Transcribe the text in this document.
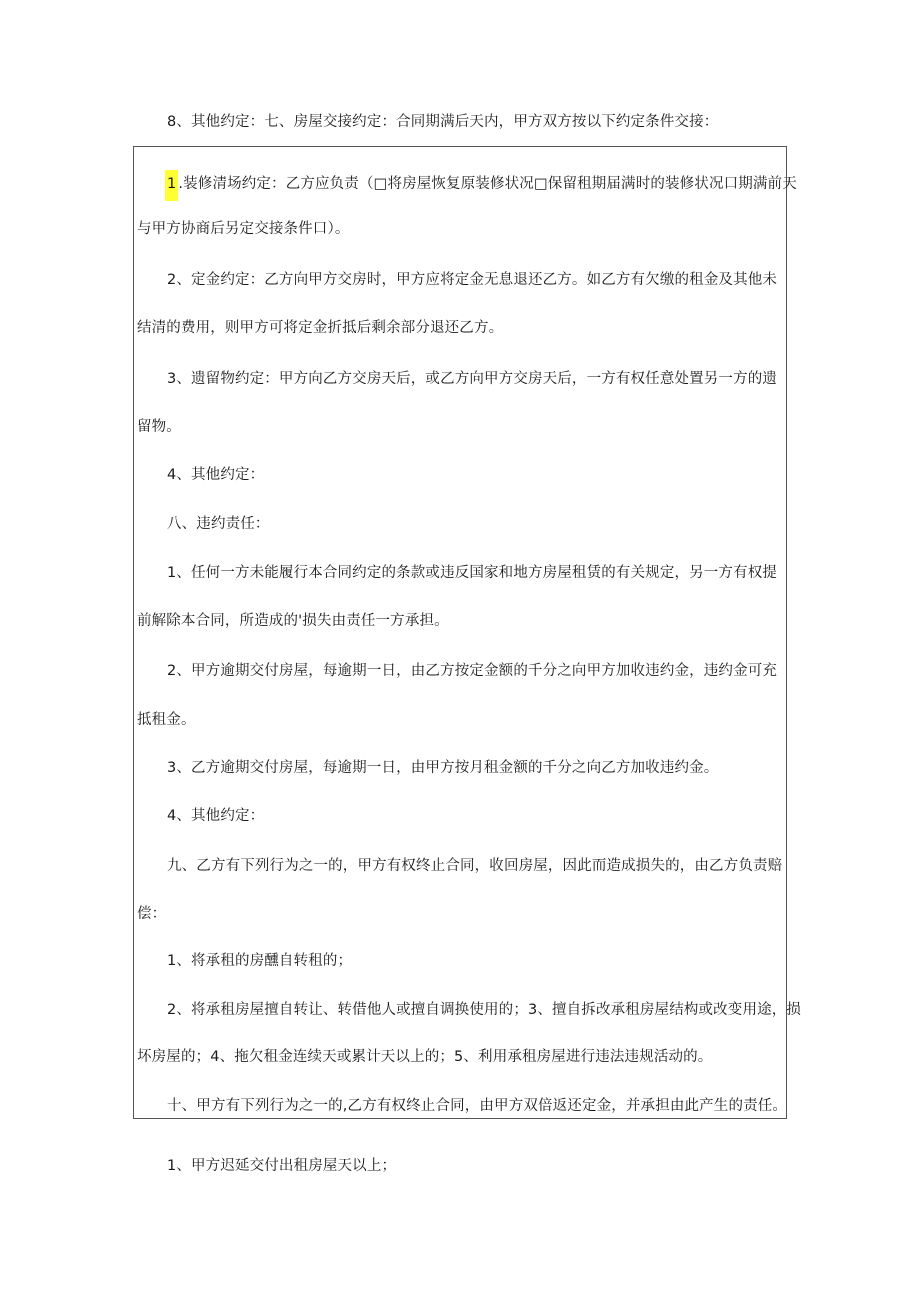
8、其他约定：七、房屋交接约定：合同期满后天内，甲方双方按以下约定条件交接：
1 .装修清场约定：乙方应负责（□将房屋恢复原装修状况□保留租期届满时的装修状况口期满前天
与甲方协商后另定交接条件口）。
2、定金约定：乙方向甲方交房时，甲方应将定金无息退还乙方。如乙方有欠缴的租金及其他未
结清的费用，则甲方可将定金折抵后剩余部分退还乙方。
3、遗留物约定：甲方向乙方交房天后，或乙方向甲方交房天后，一方有权任意处置另一方的遗
留物。
4、其他约定：
八、违约责任：
1、任何一方未能履行本合同约定的条款或违反国家和地方房屋租赁的有关规定，另一方有权提
前解除本合同，所造成的'损失由责任一方承担。
2、甲方逾期交付房屋，每逾期一日，由乙方按定金额的千分之向甲方加收违约金，违约金可充
抵租金。
3、乙方逾期交付房屋，每逾期一日，由甲方按月租金额的千分之向乙方加收违约金。
4、其他约定：
九、乙方有下列行为之一的，甲方有权终止合同，收回房屋，因此而造成损失的，由乙方负责赔
偿：
1、将承租的房醺自转租的；
2、将承租房屋擅自转让、转借他人或擅自调换使用的；3、擅自拆改承租房屋结构或改变用途，损
坏房屋的；4、拖欠租金连续天或累计天以上的；5、利用承租房屋进行违法违规活动的。
十、甲方有下列行为之一的,乙方有权终止合同，由甲方双倍返还定金，并承担由此产生的责任。
1、甲方迟延交付出租房屋天以上；
